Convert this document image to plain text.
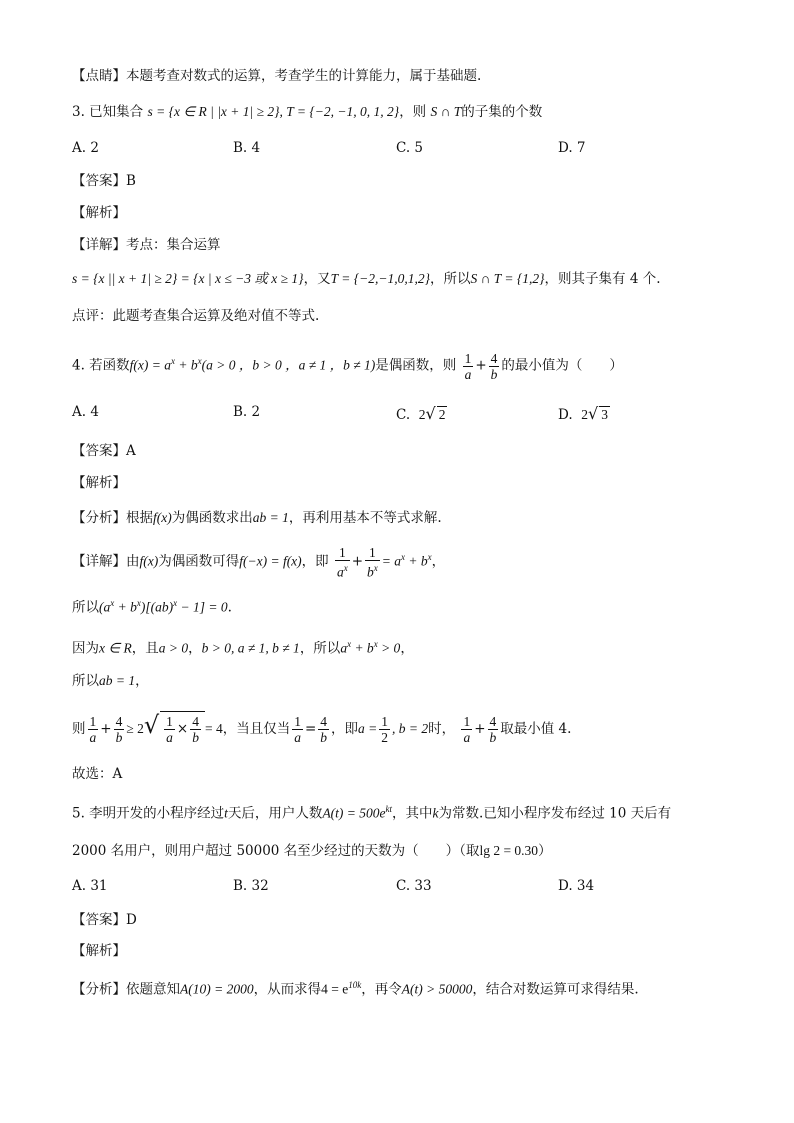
【点睛】本题考查对数式的运算，考查学生的计算能力，属于基础题.
3. 已知集合 s = {x ∈ R | |x + 1| ≥ 2}, T = {−2, −1, 0, 1, 2}，则 S ∩ T的子集的个数
A. 2	B. 4	C. 5	D. 7
【答案】B
【解析】
【详解】考点：集合运算
s = {x || x + 1| ≥ 2} = {x | x ≤ −3 或 x ≥ 1}，又T = {−2,−1,0,1,2}，所以S ∩ T = {1,2}，则其子集有 4 个.
点评：此题考查集合运算及绝对值不等式.
4. 若函数$f(x) = a^x + b^x(a > 0$ ，b > 0 ，a ≠ 1 ，b ≠ 1)是偶函数，则 $\frac{1}{a} + \frac{4}{b}$ 的最小值为（　　）
A. 4	B. 2	C. 2√ 2	D. 2√ 3
【答案】A
【解析】
【分析】根据f(x)为偶函数求出ab = 1，再利用基本不等式求解.
【详解】由f(x)为偶函数可得f(−x) = f(x)，即 $\frac{1}{a^x} + \frac{1}{b^x} = a^x + b^x$，
所以$(a^x + b^x)[(ab)^x - 1] = 0$.
因为x ∈ R，且a > 0，b > 0, a ≠ 1, b ≠ 1，所以$a^x + b^x > 0$，
所以ab = 1，
则 $\frac{1}{a} + \frac{4}{b} \ge 2√ \frac{1}{a} \times \frac{4}{b} = 4$，当且仅当 $\frac{1}{a} = \frac{4}{b}$ ，即$a = \frac{1}{2}$ , b = 2时， $\frac{1}{a} + \frac{4}{b}$ 取最小值 4.
故选：A
5. 李明开发的小程序经过t天后，用户人数$A(t) = 500e^{kt}$，其中k为常数.已知小程序发布经过 10 天后有
2000 名用户，则用户超过 50000 名至少经过的天数为（　　）（取lg 2 = 0.30）
A. 31	B. 32	C. 33	D. 34
【答案】D
【解析】
【分析】依题意知A(10) = 2000，从而求得$4 = e^{10k}$，再令A(t) > 50000，结合对数运算可求得结果.
